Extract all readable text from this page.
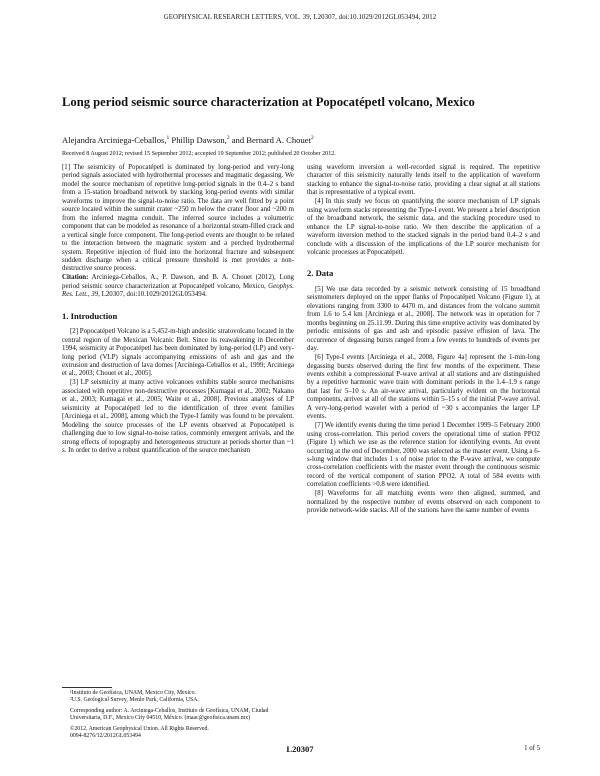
GEOPHYSICAL RESEARCH LETTERS, VOL. 39, L20307, doi:10.1029/2012GL053494, 2012
Long period seismic source characterization at Popocatépetl volcano, Mexico
Alejandra Arciniega-Ceballos,$^1$ Phillip Dawson,$^2$ and Bernard A. Chouet$^2$
Received 8 August 2012; revised 15 September 2012; accepted 19 September 2012; published 20 October 2012.

[1] The seismicity of Popocatépetl is dominated by long-period and very-long period signals associated with hydrothermal processes and magmatic degassing. We model the source mechanism of repetitive long-period signals in the 0.4–2 s band from a 15-station broadband network by stacking long-period events with similar waveforms to improve the signal-to-noise ratio. The data are well fitted by a point source located within the summit crater ~250 m below the crater floor and ~200 m from the inferred magma conduit. The inferred source includes a volumetric component that can be modeled as resonance of a horizontal steam-filled crack and a vertical single force component. The long-period events are thought to be related to the interaction between the magmatic system and a perched hydrothermal system. Repetitive injection of fluid into the horizontal fracture and subsequent sudden discharge when a critical pressure threshold is met provides a non-destructive source process.

Citation: Arciniega-Ceballos, A., P. Dawson, and B. A. Chouet (2012), Long period seismic source characterization at Popocatépetl volcano, Mexico, Geophys. Res. Lett., 39, L20307, doi:10.1029/2012GL053494.

1. Introduction

[2] Popocatépetl Volcano is a 5,452-m-high andesitic stratovolcano located in the central region of the Mexican Volcanic Belt. Since its reawakening in December 1994, seismicity at Popocatépetl has been dominated by long-period (LP) and very-long period (VLP) signals accompanying emissions of ash and gas and the extrusion and destruction of lava domes [Arciniega-Ceballos et al., 1999; Arciniega et al., 2003; Chouet et al., 2005].

[3] LP seismicity at many active volcanoes exhibits stable source mechanisms associated with repetitive non-destructive processes [Kumagai et al., 2002; Nakano et al., 2003; Kumagai et al., 2005; Waite et al., 2008]. Previous analyses of LP seismicity at Popocatépetl led to the identification of three event families [Arciniega et al., 2008], among which the Type-I family was found to be prevalent. Modeling the source processes of the LP events observed at Popocatépetl is challenging due to low signal-to-noise ratios, commonly emergent arrivals, and the strong effects of topography and heterogeneous structure at periods shorter than ~1 s. In order to derive a robust quantification of the source mechanism

using waveform inversion a well-recorded signal is required. The repetitive character of this seismicity naturally lends itself to the application of waveform stacking to enhance the signal-to-noise ratio, providing a clear signal at all stations that is representative of a typical event.

[4] In this study we focus on quantifying the source mechanism of LP signals using waveform stacks representing the Type-I event. We present a brief description of the broadband network, the seismic data, and the stacking procedure used to enhance the LP signal-to-noise ratio. We then describe the application of a waveform inversion method to the stacked signals in the period band 0.4–2 s and conclude with a discussion of the implications of the LP source mechanism for volcanic processes at Popocatépetl.

2. Data

[5] We use data recorded by a seismic network consisting of 15 broadband seismometers deployed on the upper flanks of Popocatépetl Volcano (Figure 1), at elevations ranging from 3300 to 4470 m, and distances from the volcano summit from 1.6 to 5.4 km [Arciniega et al., 2008]. The network was in operation for 7 months beginning on 25.11.99. During this time eruptive activity was dominated by periodic emissions of gas and ash and episodic passive effusion of lava. The occurrence of degassing bursts ranged from a few events to hundreds of events per day.

[6] Type-I events [Arciniega et al., 2008, Figure 4a] represent the 1-min-long degassing bursts observed during the first few months of the experiment. These events exhibit a compressional P-wave arrival at all stations and are distinguished by a repetitive harmonic wave train with dominant periods in the 1.4–1.9 s range that last for 5–10 s. An air-wave arrival, particularly evident on the horizontal components, arrives at all of the stations within 5–15 s of the initial P-wave arrival. A very-long-period wavelet with a period of ~30 s accompanies the larger LP events.

[7] We identify events during the time period 1 December 1999–5 February 2000 using cross-correlation. This period covers the operational time of station PPO2 (Figure 1) which we use as the reference station for identifying events. An event occurring at the end of December, 2000 was selected as the master event. Using a 6-s-long window that includes 1 s of noise prior to the P-wave arrival, we compute cross-correlation coefficients with the master event through the continuous seismic record of the vertical component of station PPO2. A total of 584 events with correlation coefficients >0.8 were identified.

[8] Waveforms for all matching events were then aligned, summed, and normalized by the respective number of events observed on each component to provide network-wide stacks. All of the stations have the same number of events

¹Instituto de Geofísica, UNAM, Mexico City, Mexico.

²U.S. Geological Survey, Menlo Park, California, USA.

Corresponding author: A. Arciniega-Ceballos, Instituto de Geofísica, UNAM, Ciudad Universitaria, D.F., Mexico City 04510, México. (maac@geofisica.unam.mx)

©2012. American Geophysical Union. All Rights Reserved.

0094-8276/12/2012GL053494

L20307	1 of 5
